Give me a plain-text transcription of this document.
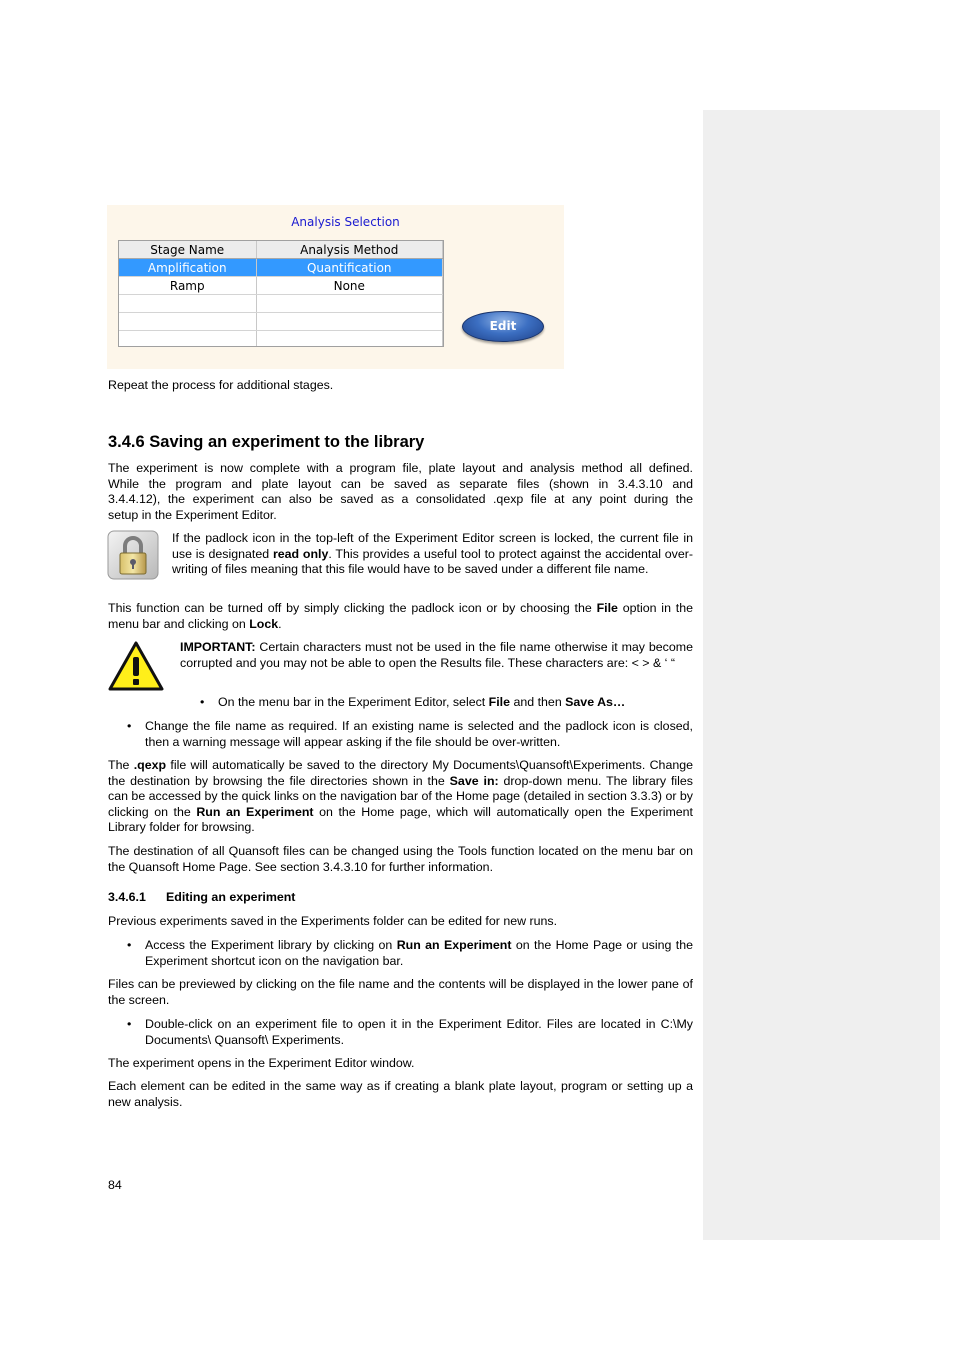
Analysis Selection
Stage Name	Analysis Method
Amplification	Quantification
Ramp	None

Edit
Repeat the process for additional stages.
3.4.6 Saving an experiment to the library
The experiment is now complete with a program file, plate layout and analysis method all defined.
While the program and plate layout can be saved as separate files (shown in 3.4.3.10 and
3.4.4.12), the experiment can also be saved as a consolidated .qexp file at any point during the
setup in the Experiment Editor.
If the padlock icon in the top-left of the Experiment Editor screen is locked, the current file in use is designated read only. This provides a useful tool to protect against the accidental over-writing of files meaning that this file would have to be saved under a different file name.
This function can be turned off by simply clicking the padlock icon or by choosing the File option in the menu bar and clicking on Lock.
IMPORTANT: Certain characters must not be used in the file name otherwise it may become corrupted and you may not be able to open the Results file. These characters are: < > & ‘ “
• On the menu bar in the Experiment Editor, select File and then Save As…
• Change the file name as required. If an existing name is selected and the padlock icon is closed, then a warning message will appear asking if the file should be over-written.
The .qexp file will automatically be saved to the directory My Documents\Quansoft\Experiments. Change the destination by browsing the file directories shown in the Save in: drop-down menu. The library files can be accessed by the quick links on the navigation bar of the Home page (detailed in section 3.3.3) or by clicking on the Run an Experiment on the Home page, which will automatically open the Experiment Library folder for browsing.
The destination of all Quansoft files can be changed using the Tools function located on the menu bar on the Quansoft Home Page. See section 3.4.3.10 for further information.
3.4.6.1 Editing an experiment
Previous experiments saved in the Experiments folder can be edited for new runs.
• Access the Experiment library by clicking on Run an Experiment on the Home Page or using the Experiment shortcut icon on the navigation bar.
Files can be previewed by clicking on the file name and the contents will be displayed in the lower pane of the screen.
• Double-click on an experiment file to open it in the Experiment Editor. Files are located in C:\My Documents\ Quansoft\ Experiments.
The experiment opens in the Experiment Editor window.
Each element can be edited in the same way as if creating a blank plate layout, program or setting up a new analysis.
84
